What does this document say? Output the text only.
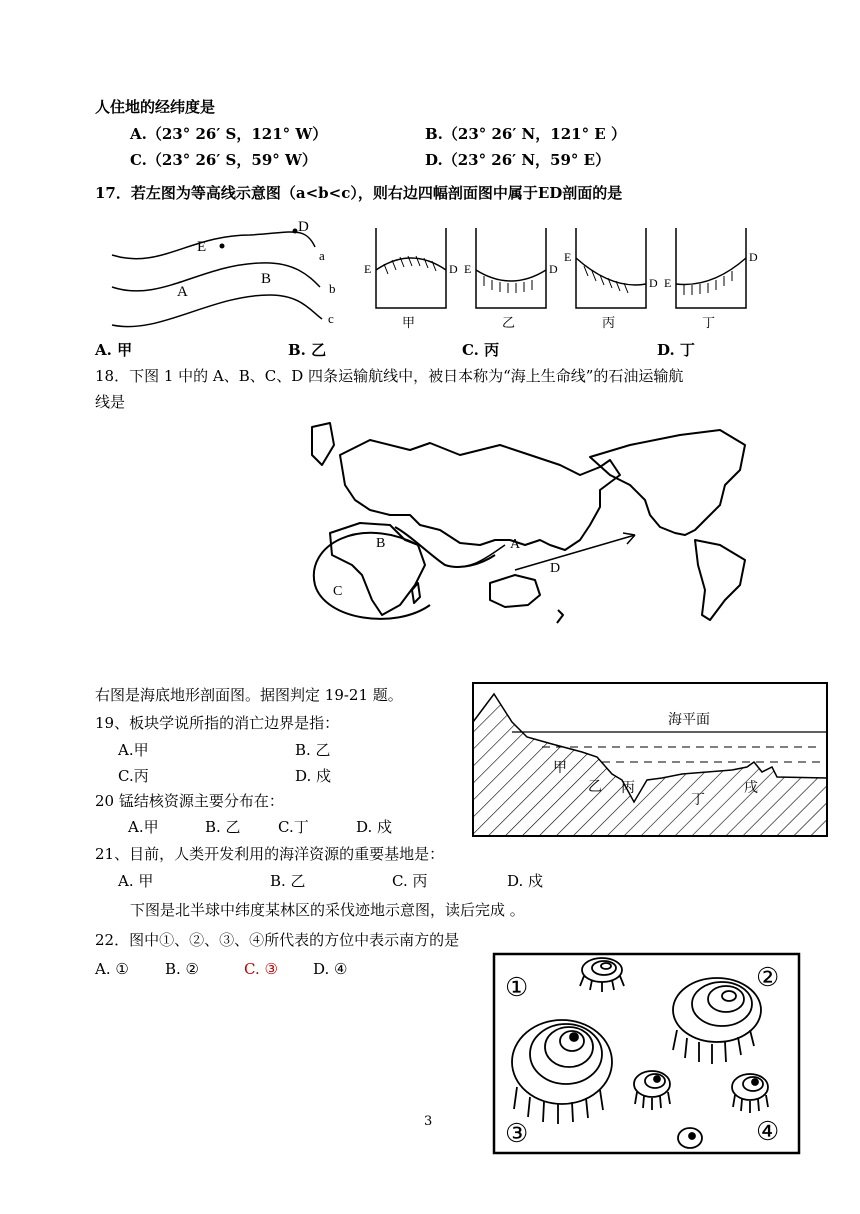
人住地的经纬度是
A.（23° 26′ S，121° W）	B.（23° 26′ N，121° E ）
C.（23° 26′ S，59° W）	D.（23° 26′ N，59° E）
17．若左图为等高线示意图（a<b<c），则右边四幅剖面图中属于ED剖面的是
E
D
A
B
a
b
c
E	D
甲
E	D
乙
E
D
丙
E
D
丁
A. 甲	B. 乙	C. 丙	D. 丁
18．下图 1 中的 A、B、C、D 四条运输航线中，被日本称为“海上生命线”的石油运输航
线是
A
B
C
D
右图是海底地形剖面图。据图判定 19-21 题。
海平面
甲
乙 丙
丁
戌
19、板块学说所指的消亡边界是指：
A.甲	B. 乙
C.丙	D. 戍
20 锰结核资源主要分布在：
A.甲	B. 乙 C.丁	D. 戍
21、目前，人类开发利用的海洋资源的重要基地是：
A. 甲	B. 乙	C. 丙	D. 戍
下图是北半球中纬度某林区的采伐迹地示意图，读后完成 。
22．图中①、②、③、④所代表的方位中表示南方的是
A. ① B. ②	C. ③ D. ④
①	②
③	④
3
